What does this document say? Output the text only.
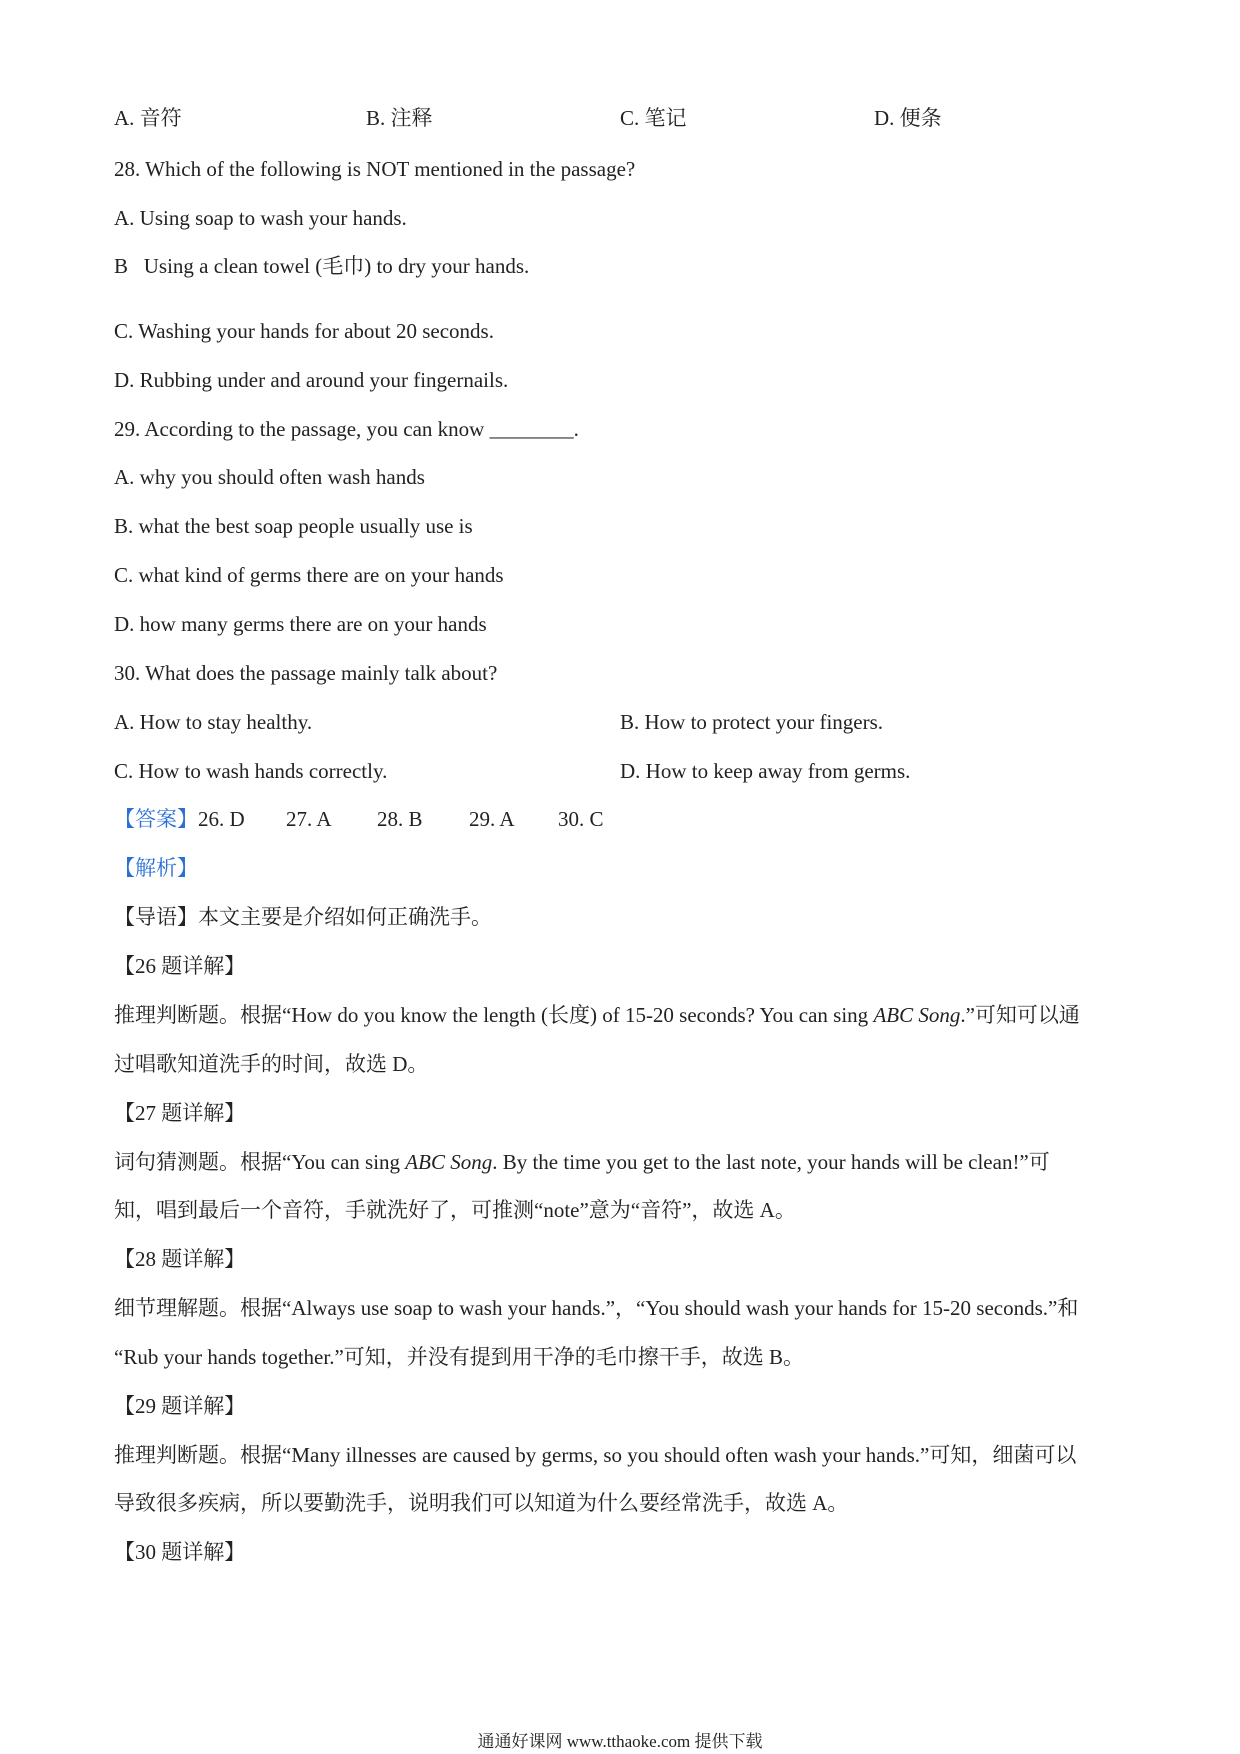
A. 音符	B. 注释	C. 笔记	D. 便条
28. Which of the following is NOT mentioned in the passage?
A. Using soap to wash your hands.
B   Using a clean towel (毛巾) to dry your hands.
C. Washing your hands for about 20 seconds.
D. Rubbing under and around your fingernails.
29. According to the passage, you can know ________.
A. why you should often wash hands
B. what the best soap people usually use is
C. what kind of germs there are on your hands
D. how many germs there are on your hands
30. What does the passage mainly talk about?
A. How to stay healthy.	B. How to protect your fingers.
C. How to wash hands correctly.	D. How to keep away from germs.
【答案】26. D 27. A 28. B 29. A 30. C
【解析】
【导语】本文主要是介绍如何正确洗手。
【26 题详解】
推理判断题。根据“How do you know the length (长度) of 15-20 seconds? You can sing ABC Song.”可知可以通
过唱歌知道洗手的时间，故选 D。
【27 题详解】
词句猜测题。根据“You can sing ABC Song. By the time you get to the last note, your hands will be clean!”可
知，唱到最后一个音符，手就洗好了，可推测“note”意为“音符”，故选 A。
【28 题详解】
细节理解题。根据“Always use soap to wash your hands.”，“You should wash your hands for 15-20 seconds.”和
“Rub your hands together.”可知，并没有提到用干净的毛巾擦干手，故选 B。
【29 题详解】
推理判断题。根据“Many illnesses are caused by germs, so you should often wash your hands.”可知，细菌可以
导致很多疾病，所以要勤洗手，说明我们可以知道为什么要经常洗手，故选 A。
【30 题详解】
通通好课网 www.tthaoke.com 提供下载
